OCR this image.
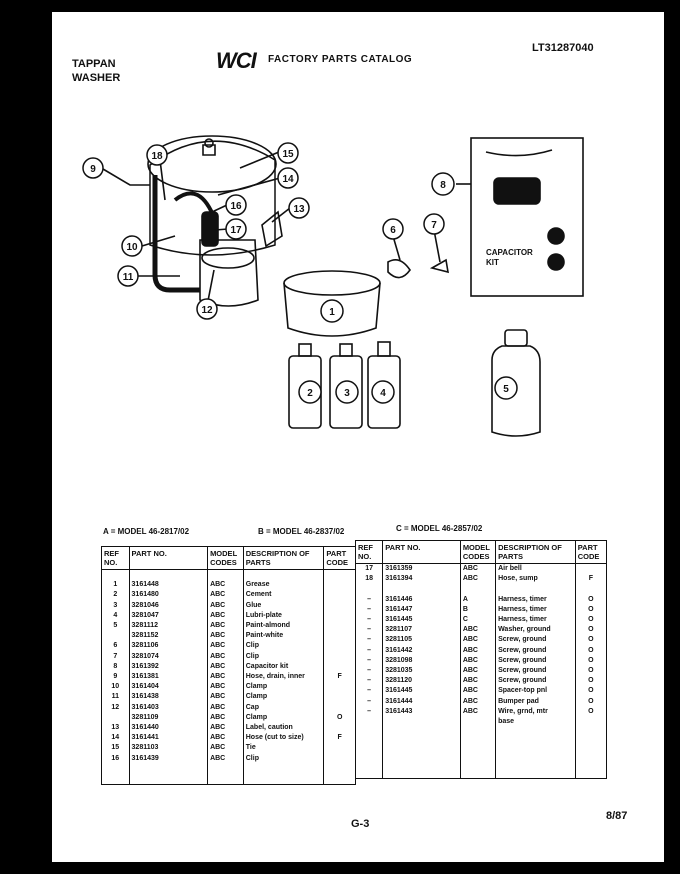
TAPPAN
WASHER
WCI FACTORY PARTS CATALOG
LT31287040
9
10
11
12
13
14
15
16
17
18
1
2	3	4	5
6	7
8
CAPACITOR
KIT
A = MODEL 46-2817/02	B = MODEL 46-2837/02	C = MODEL 46-2857/02
REF NO.	PART NO.	MODEL CODES	DESCRIPTION OF PARTS	PART CODE

1	3161448	ABC	Grease	
2	3161480	ABC	Cement	
3	3281046	ABC	Glue	
4	3281047	ABC	Lubri-plate	
5	3281112	ABC	Paint-almond	
	3281152	ABC	Paint-white	
6	3281106	ABC	Clip	
7	3281074	ABC	Clip	
8	3161392	ABC	Capacitor kit	
9	3161381	ABC	Hose, drain, inner	F
10	3161404	ABC	Clamp	
11	3161438	ABC	Clamp	
12	3161403	ABC	Cap	
	3281109	ABC	Clamp	O
13	3161440	ABC	Label, caution	
14	3161441	ABC	Hose (cut to size)	F
15	3281103	ABC	Tie	
16	3161439	ABC	Clip	

REF NO.	PART NO.	MODEL CODES	DESCRIPTION OF PARTS	PART CODE
17	3161359	ABC	Air bell	
18	3161394	ABC	Hose, sump	F

–	3161446	A	Harness, timer	O
–	3161447	B	Harness, timer	O
–	3161445	C	Harness, timer	O
–	3281107	ABC	Washer, ground	O
–	3281105	ABC	Screw, ground	O
–	3161442	ABC	Screw, ground	O
–	3281098	ABC	Screw, ground	O
–	3281035	ABC	Screw, ground	O
–	3281120	ABC	Screw, ground	O
–	3161445	ABC	Spacer-top pnl	O
–	3161444	ABC	Bumper pad	O
–	3161443	ABC	Wire, grnd, mtr	O
			base	

G-3
8/87
